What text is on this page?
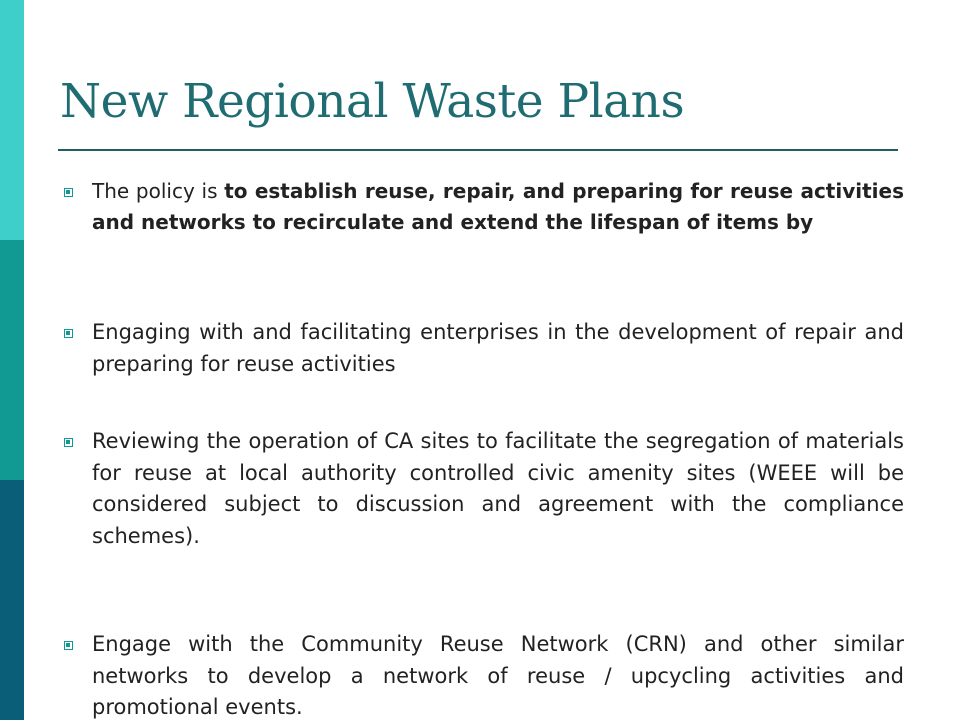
New Regional Waste Plans

The policy is to establish reuse, repair, and preparing for reuse activities and networks to recirculate and extend the lifespan of items by

Engaging with and facilitating enterprises in the development of repair and preparing for reuse activities

Reviewing the operation of CA sites to facilitate the segregation of materials for reuse at local authority controlled civic amenity sites (WEEE will be considered subject to discussion and agreement with the compliance schemes).

Engage with the Community Reuse Network (CRN) and other similar networks to develop a network of reuse / upcycling activities and promotional events.
